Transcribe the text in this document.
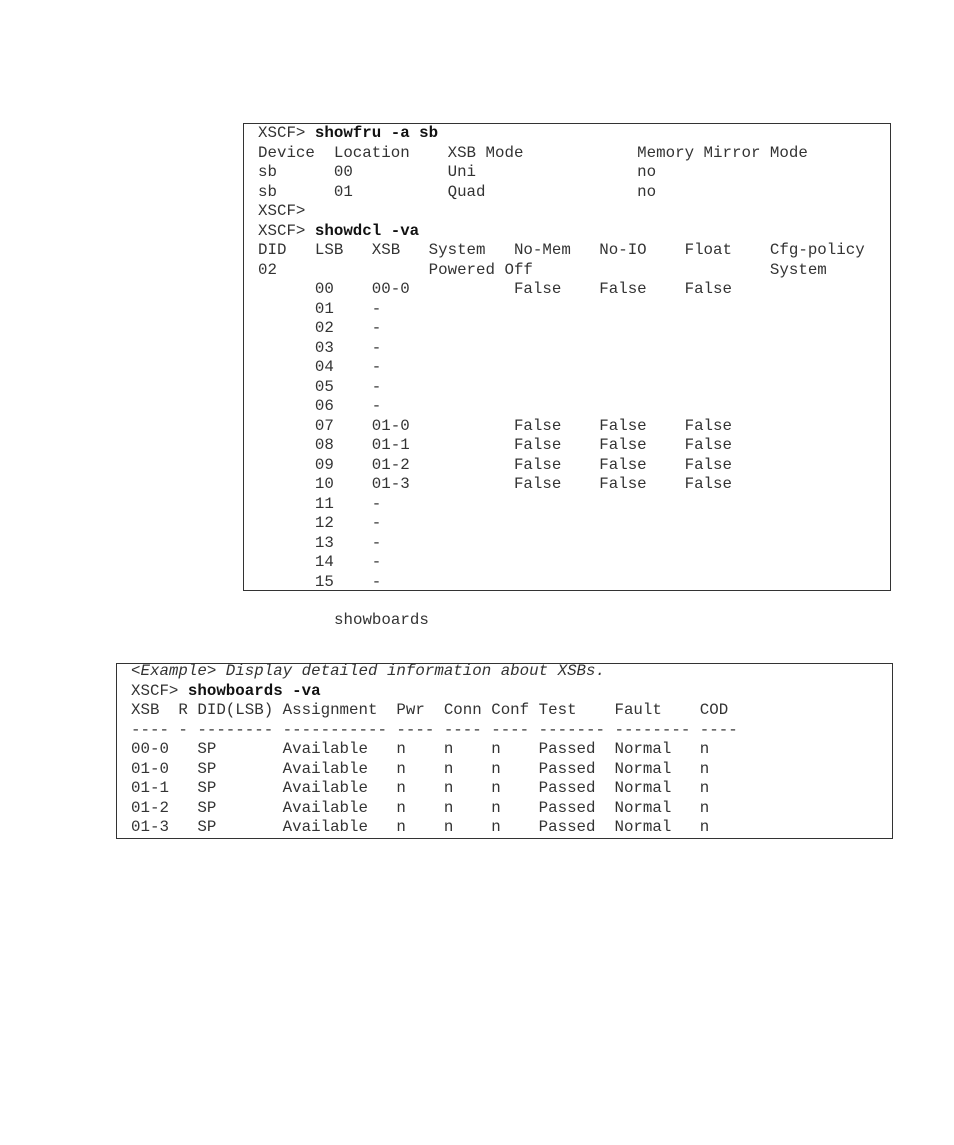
XSCF> showfru -a sb
Device  Location    XSB Mode            Memory Mirror Mode
sb      00          Uni                 no
sb      01          Quad                no
XSCF>
XSCF> showdcl -va
DID   LSB   XSB   System   No-Mem   No-IO    Float    Cfg-policy
02                Powered Off                         System
00    00-0           False    False    False
01    -
02    -
03    -
04    -
05    -
06    -
07    01-0           False    False    False
08    01-1           False    False    False
09    01-2           False    False    False
10    01-3           False    False    False
11    -
12    -
13    -
14    -
15    -
showboards
<Example> Display detailed information about XSBs.
XSCF> showboards -va
XSB  R DID(LSB) Assignment  Pwr  Conn Conf Test    Fault    COD
---- - -------- ----------- ---- ---- ---- ------- -------- ----
00-0   SP       Available   n    n    n    Passed  Normal   n
01-0   SP       Available   n    n    n    Passed  Normal   n
01-1   SP       Available   n    n    n    Passed  Normal   n
01-2   SP       Available   n    n    n    Passed  Normal   n
01-3   SP       Available   n    n    n    Passed  Normal   n
